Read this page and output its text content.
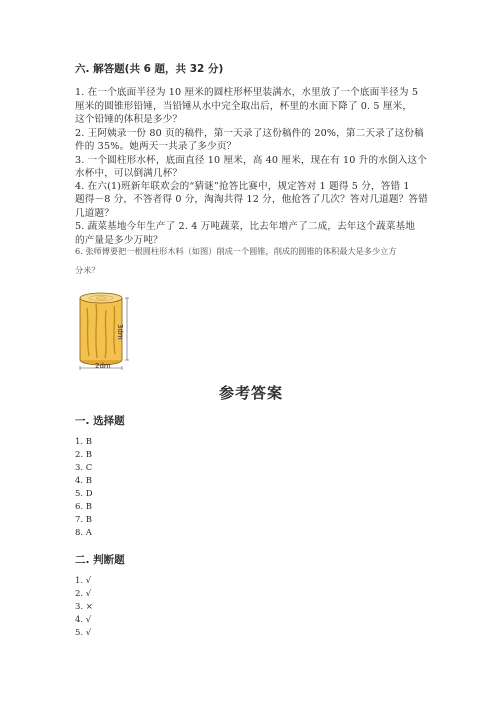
六. 解答题(共 6 题，共 32 分)
1. 在一个底面半径为 10 厘米的圆柱形杯里装满水，水里放了一个底面半径为 5
厘米的圆锥形铅锤，当铅锤从水中完全取出后，杯里的水面下降了 0. 5 厘米，
这个铅锤的体积是多少？
2. 王阿姨录一份 80 页的稿件，第一天录了这份稿件的 20%，第二天录了这份稿
件的 35%。她两天一共录了多少页？
3. 一个圆柱形水杯，底面直径 10 厘米，高 40 厘米，现在有 10 升的水倒入这个
水杯中，可以倒满几杯？
4. 在六(1)班新年联欢会的“猜谜”抢答比赛中，规定答对 1 题得 5 分，答错 1
题得－8 分，不答者得 0 分，淘淘共得 12 分，他抢答了几次？答对几道题？答错
几道题？
5. 蔬菜基地今年生产了 2. 4 万吨蔬菜，比去年增产了二成，去年这个蔬菜基地
的产量是多少万吨？
6. 张师傅要把一根圆柱形木料（如图）削成一个圆锥，削成的圆锥的体积最大是多少立方
分米？
3dm
2dm
参考答案
一. 选择题
1. B
2. B
3. C
4. B
5. D
6. B
7. B
8. A
二. 判断题
1. √
2. √
3. ×
4. √
5. √
